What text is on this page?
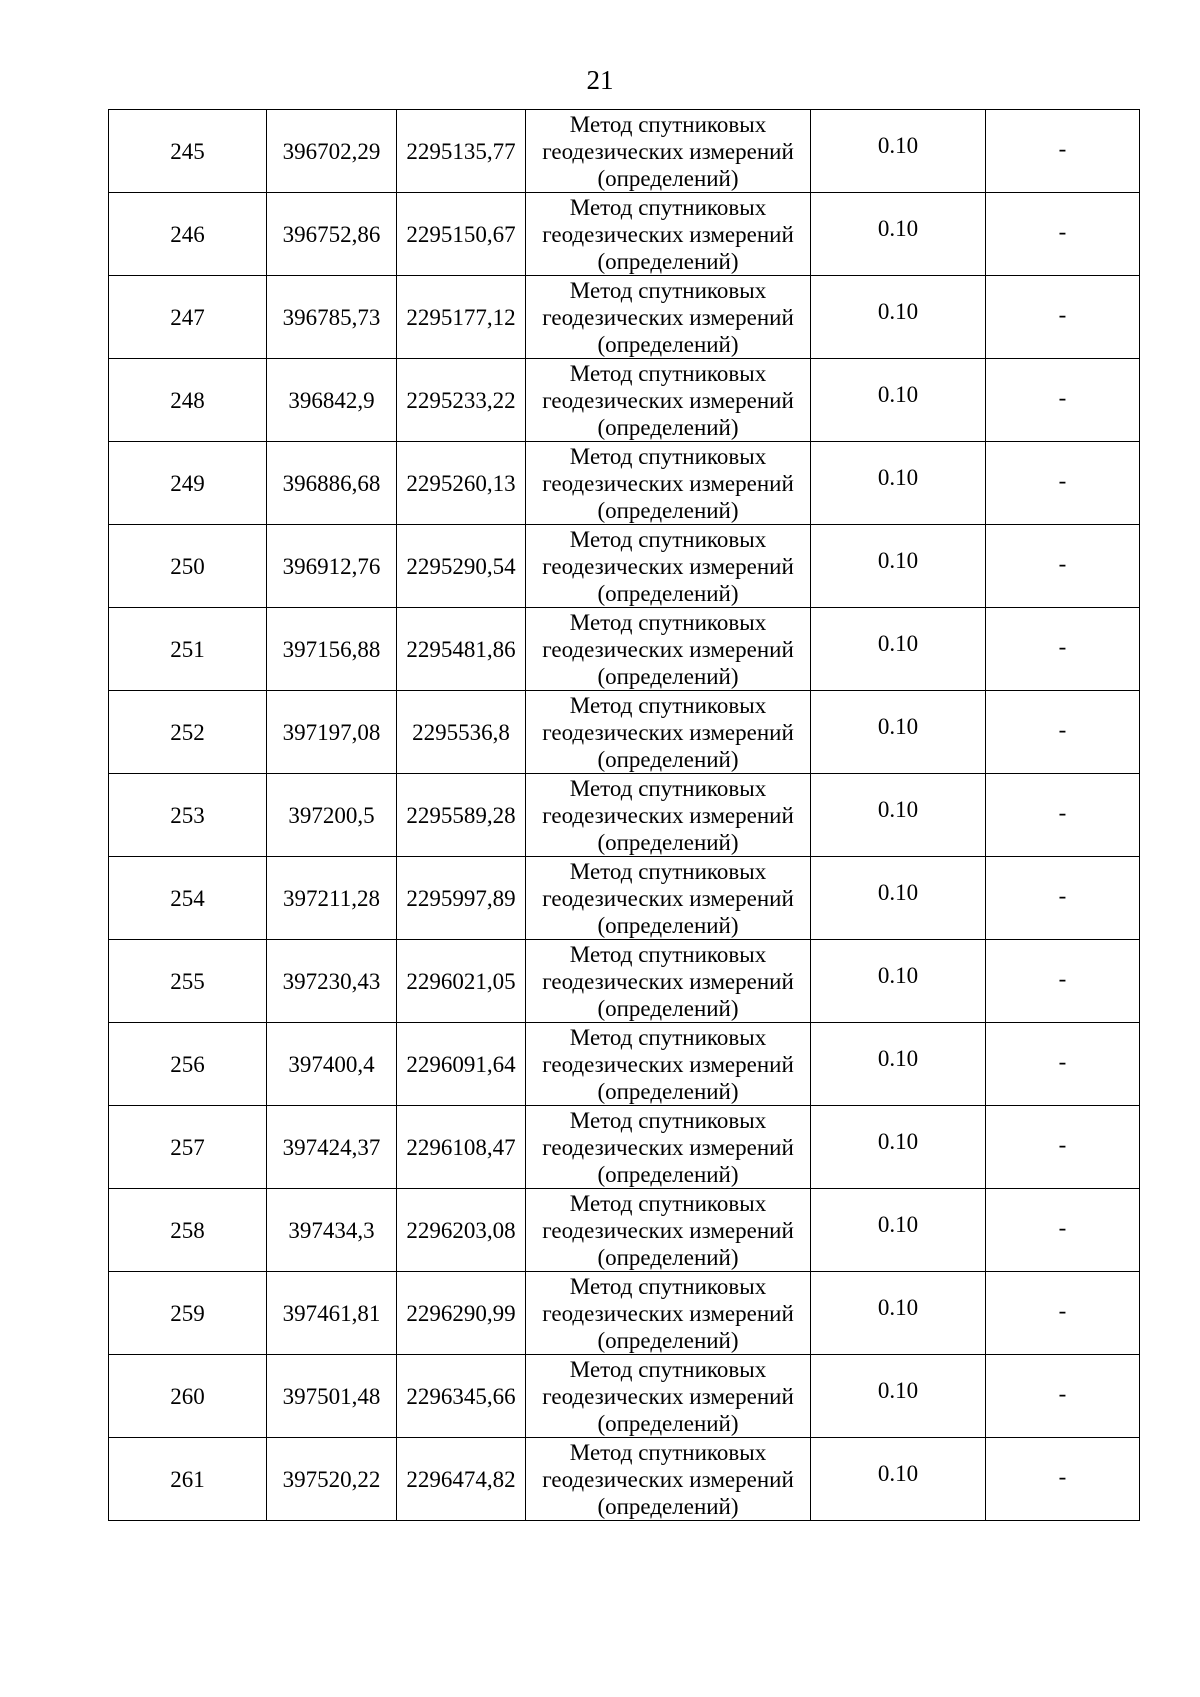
21
245	396702,29	2295135,77	Метод спутниковых
геодезических измерений
(определений)	0.10	-
246	396752,86	2295150,67	Метод спутниковых
геодезических измерений
(определений)	0.10	-
247	396785,73	2295177,12	Метод спутниковых
геодезических измерений
(определений)	0.10	-
248	396842,9	2295233,22	Метод спутниковых
геодезических измерений
(определений)	0.10	-
249	396886,68	2295260,13	Метод спутниковых
геодезических измерений
(определений)	0.10	-
250	396912,76	2295290,54	Метод спутниковых
геодезических измерений
(определений)	0.10	-
251	397156,88	2295481,86	Метод спутниковых
геодезических измерений
(определений)	0.10	-
252	397197,08	2295536,8	Метод спутниковых
геодезических измерений
(определений)	0.10	-
253	397200,5	2295589,28	Метод спутниковых
геодезических измерений
(определений)	0.10	-
254	397211,28	2295997,89	Метод спутниковых
геодезических измерений
(определений)	0.10	-
255	397230,43	2296021,05	Метод спутниковых
геодезических измерений
(определений)	0.10	-
256	397400,4	2296091,64	Метод спутниковых
геодезических измерений
(определений)	0.10	-
257	397424,37	2296108,47	Метод спутниковых
геодезических измерений
(определений)	0.10	-
258	397434,3	2296203,08	Метод спутниковых
геодезических измерений
(определений)	0.10	-
259	397461,81	2296290,99	Метод спутниковых
геодезических измерений
(определений)	0.10	-
260	397501,48	2296345,66	Метод спутниковых
геодезических измерений
(определений)	0.10	-
261	397520,22	2296474,82	Метод спутниковых
геодезических измерений
(определений)	0.10	-
